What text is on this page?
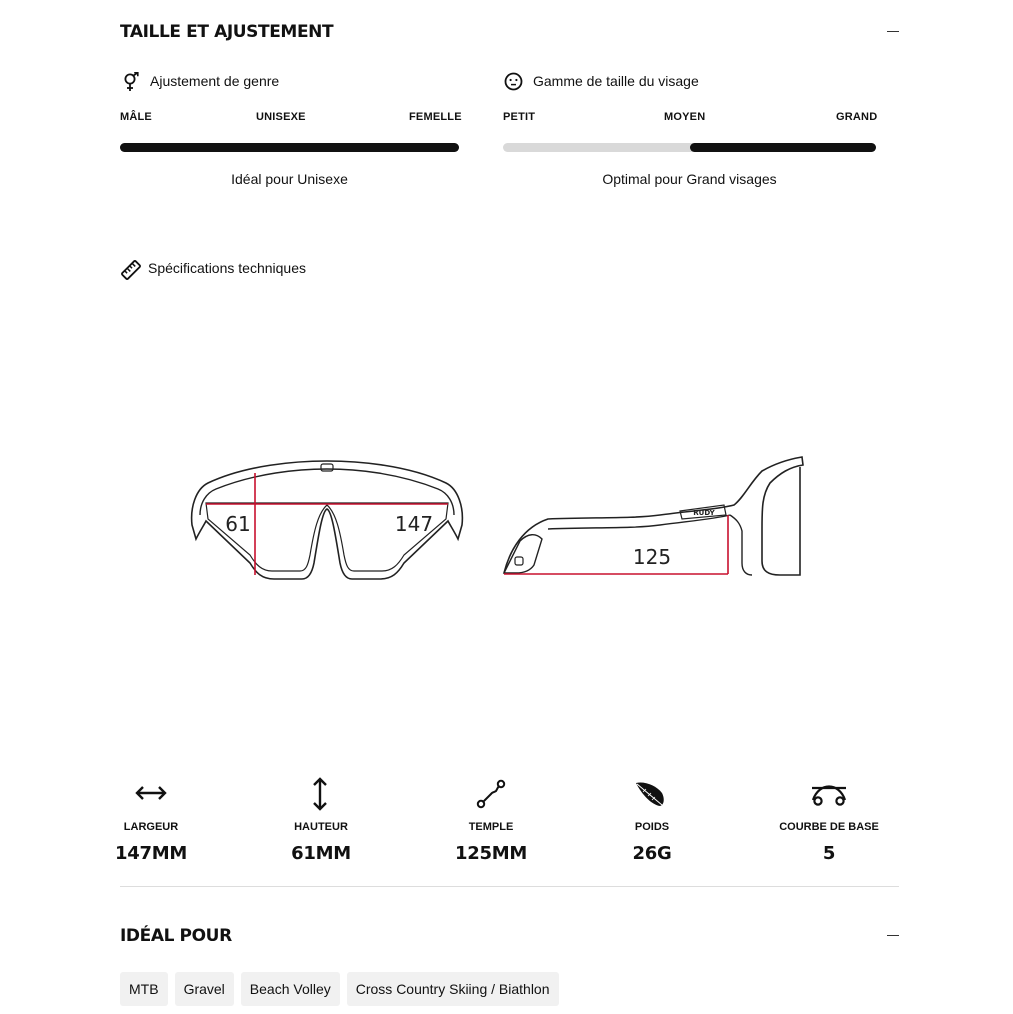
TAILLE ET AJUSTEMENT
Ajustement de genre
MÂLE	UNISEXE	FEMELLE
Idéal pour Unisexe
Gamme de taille du visage
PETIT	MOYEN	GRAND
Optimal pour Grand visages
Spécifications techniques
61	147	RUDY
125
LARGEUR
147MM
HAUTEUR
61MM
TEMPLE
125MM
POIDS
26G
COURBE DE BASE
5
IDÉAL POUR
MTB	Gravel	Beach Volley	Cross Country Skiing / Biathlon
